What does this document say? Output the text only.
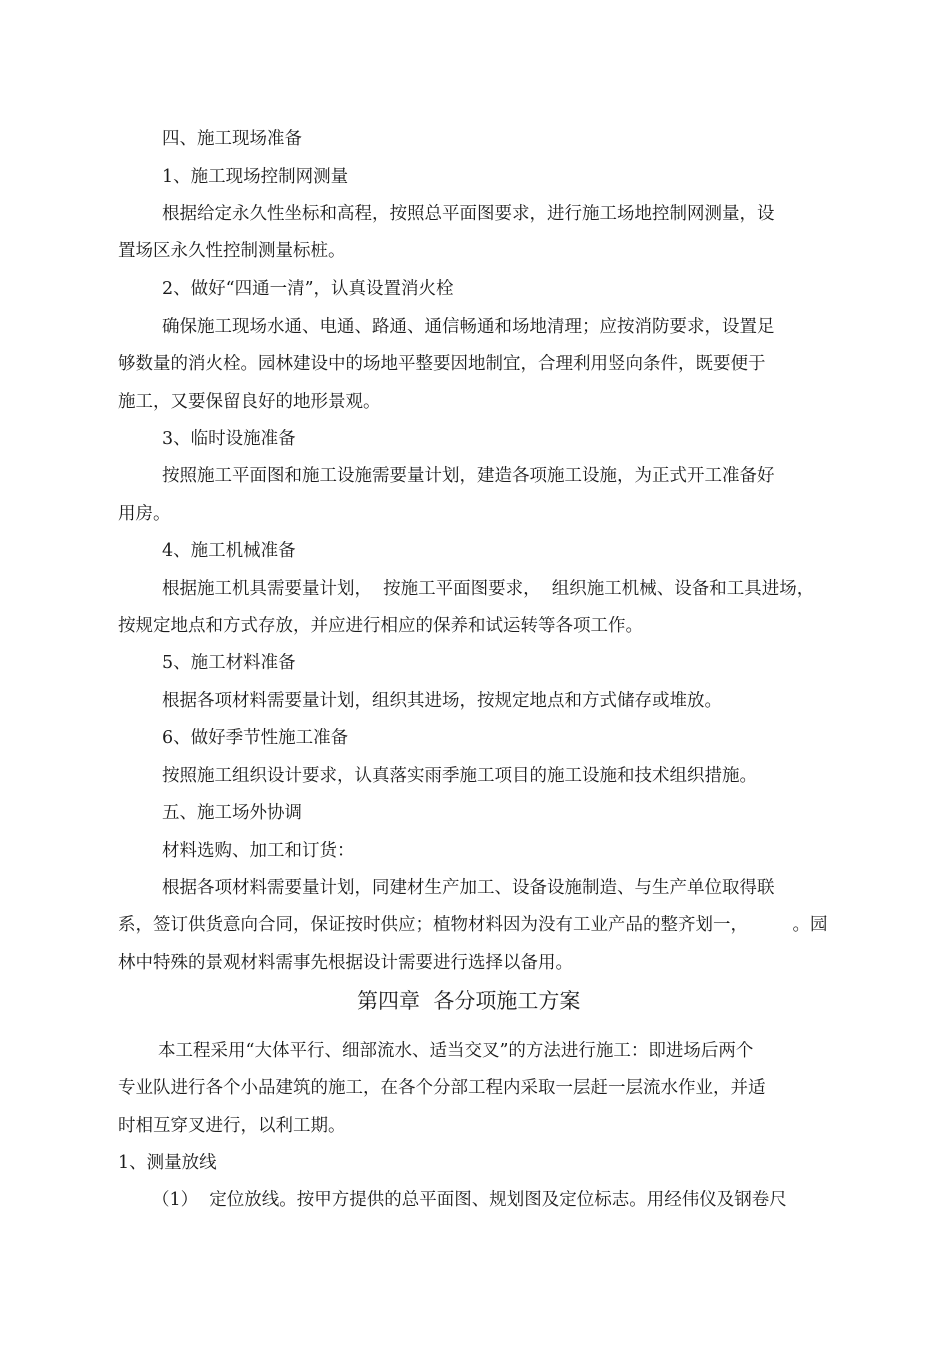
四、施工现场准备
1、施工现场控制网测量
根据给定永久性坐标和高程，按照总平面图要求，进行施工场地控制网测量，设
置场区永久性控制测量标桩。
2、做好“四通一清”，认真设置消火栓
确保施工现场水通、电通、路通、通信畅通和场地清理；应按消防要求，设置足
够数量的消火栓。园林建设中的场地平整要因地制宜，合理利用竖向条件，既要便于
施工，又要保留良好的地形景观。
3、临时设施准备
按照施工平面图和施工设施需要量计划，建造各项施工设施，为正式开工准备好
用房。
4、施工机械准备
根据施工机具需要量计划，  按施工平面图要求，  组织施工机械、设备和工具进场，
按规定地点和方式存放，并应进行相应的保养和试运转等各项工作。
5、施工材料准备
根据各项材料需要量计划，组织其进场，按规定地点和方式储存或堆放。
6、做好季节性施工准备
按照施工组织设计要求，认真落实雨季施工项目的施工设施和技术组织措施。
五、施工场外协调
材料选购、加工和订货：
根据各项材料需要量计划，同建材生产加工、设备设施制造、与生产单位取得联
系，签订供货意向合同，保证按时供应；植物材料因为没有工业产品的整齐划一，        。园
林中特殊的景观材料需事先根据设计需要进行选择以备用。
第四章  各分项施工方案
本工程采用“大体平行、细部流水、适当交叉”的方法进行施工：即进场后两个
专业队进行各个小品建筑的施工，在各个分部工程内采取一层赶一层流水作业，并适
时相互穿叉进行，以利工期。
1、测量放线
（1）  定位放线。按甲方提供的总平面图、规划图及定位标志。用经伟仪及钢卷尺
